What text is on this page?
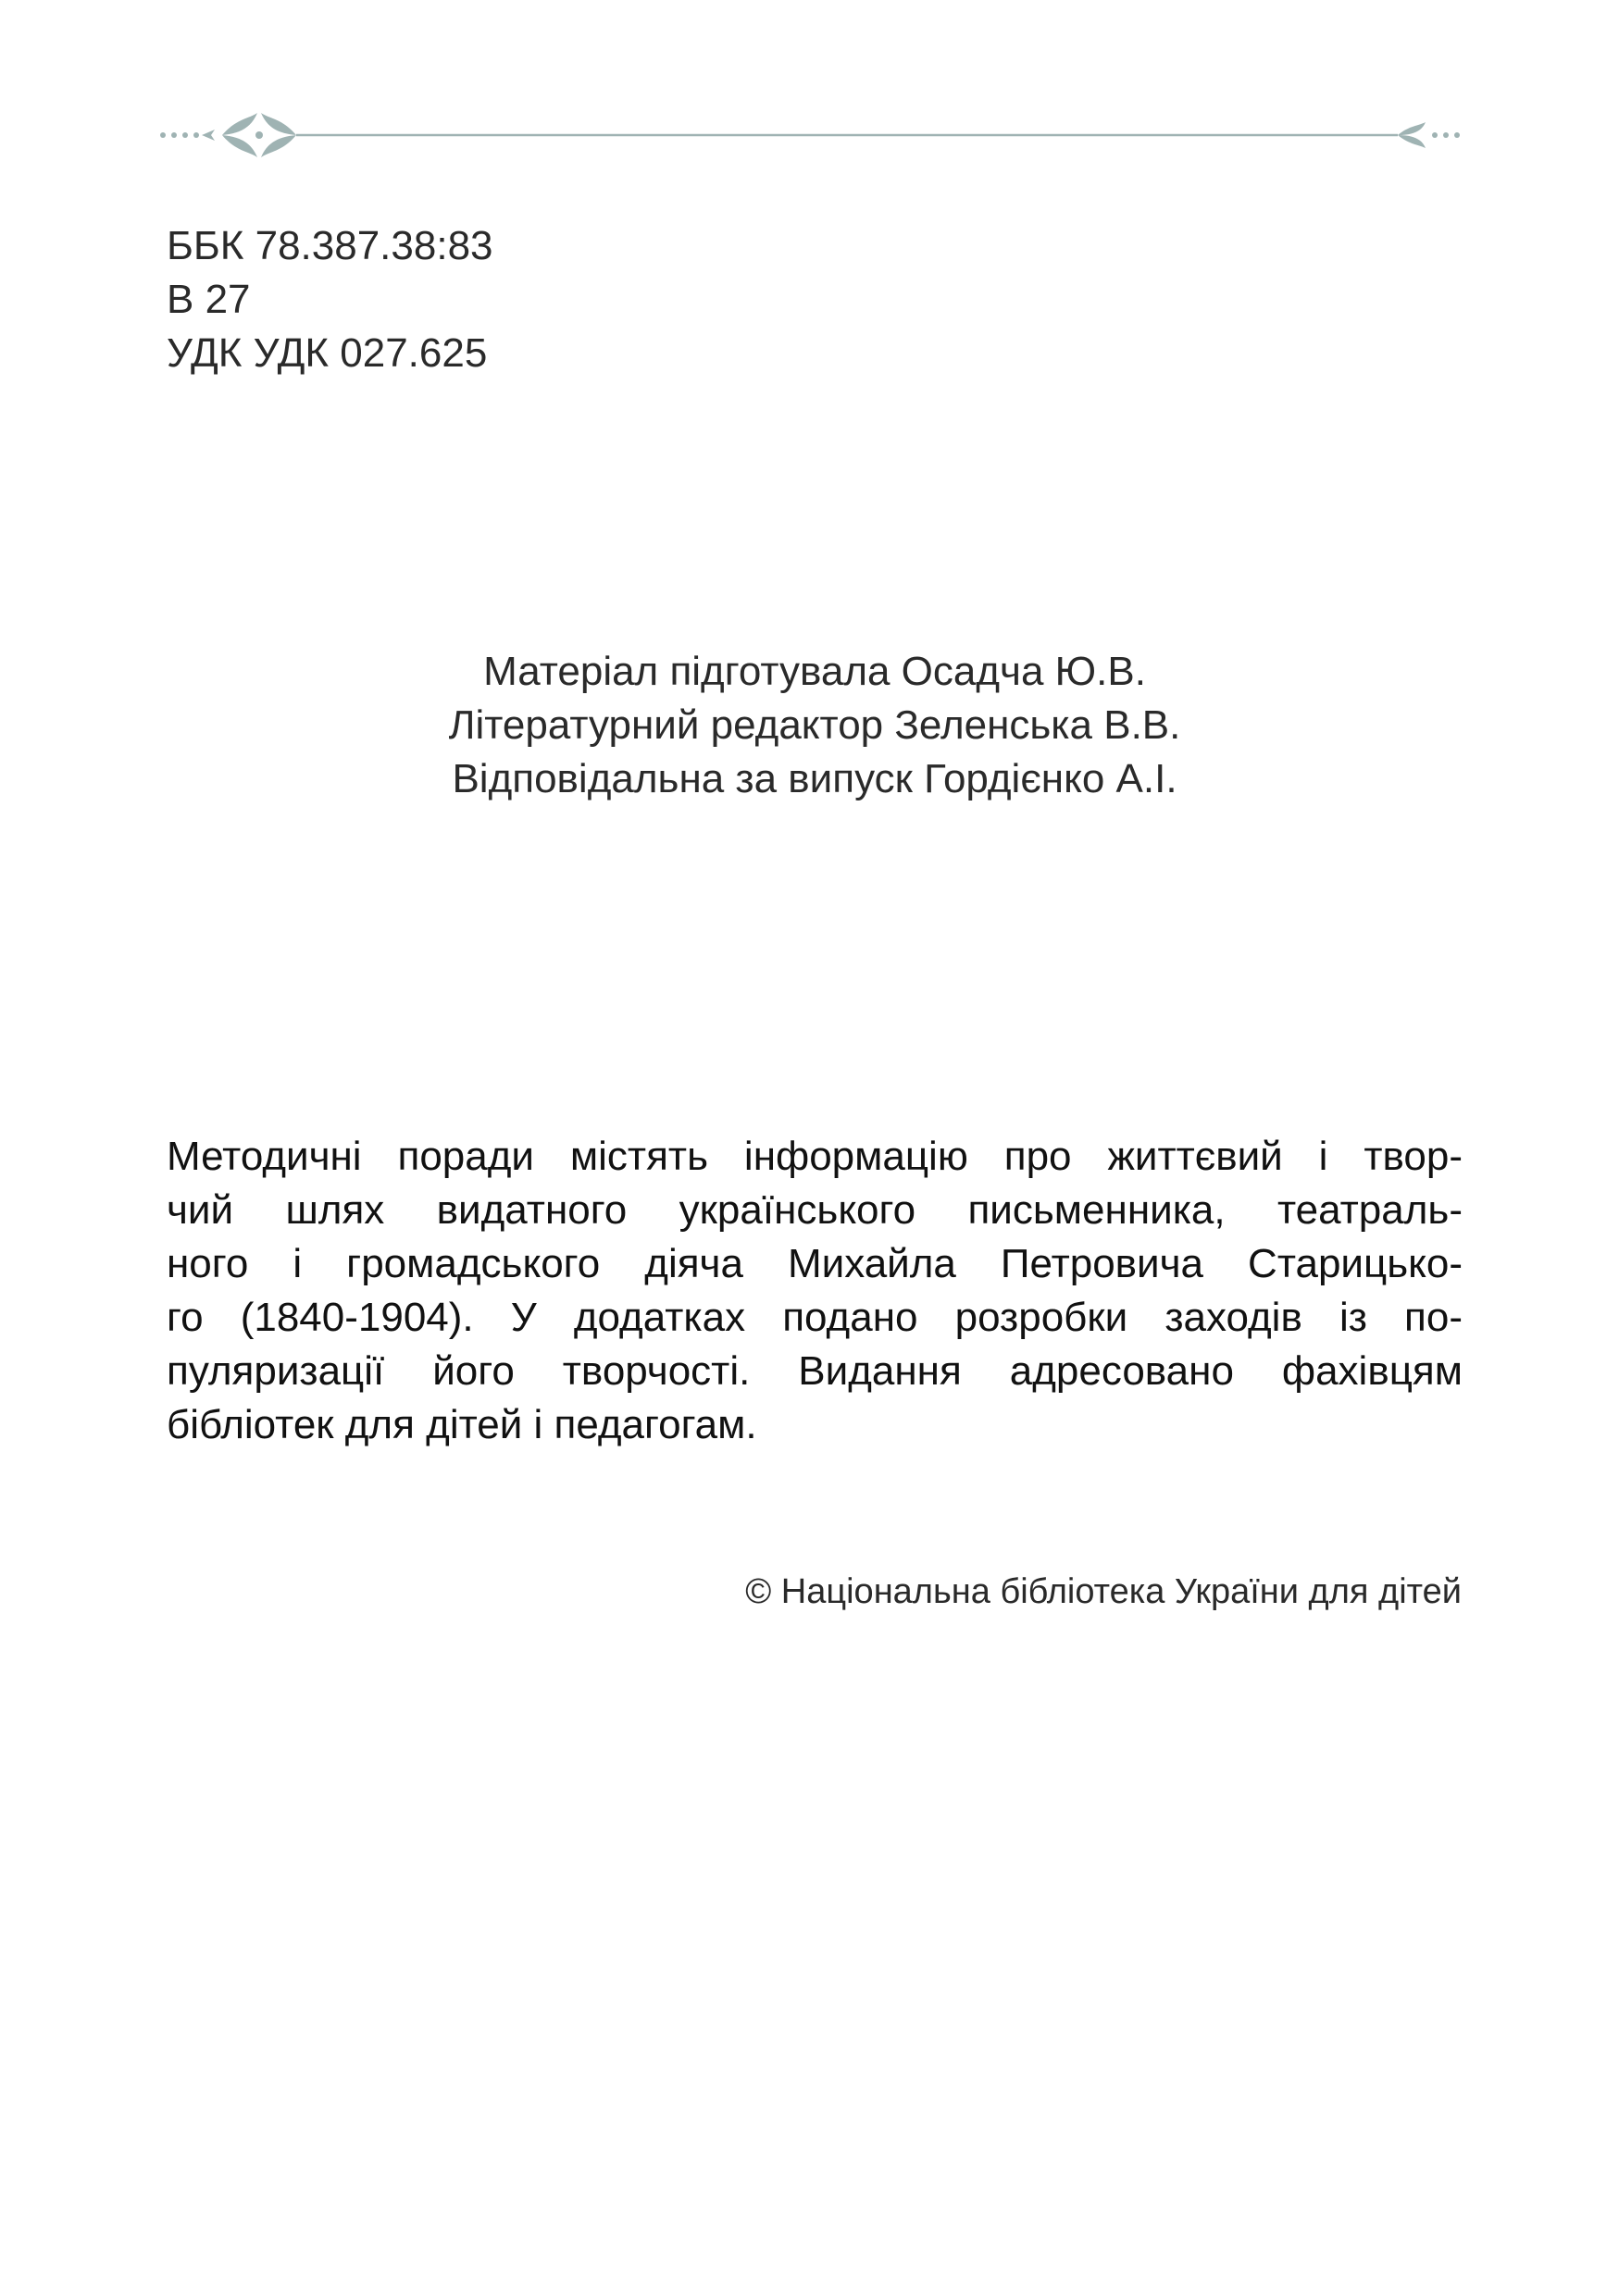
ББК 78.387.38:83
В 27
УДК УДК 027.625
Матеріал підготувала Осадча Ю.В.
Літературний редактор Зеленська В.В.
Відповідальна за випуск Гордієнко А.І.
Методичні поради містять інформацію про життєвий і твор-
чий шлях видатного українського письменника, театраль-
ного і громадського діяча Михайла Петровича Старицько-
го (1840-1904). У додатках подано розробки заходів із по-
пуляризації його творчості. Видання адресовано фахівцям
бібліотек для дітей і педагогам.
© Національна бібліотека України для дітей
